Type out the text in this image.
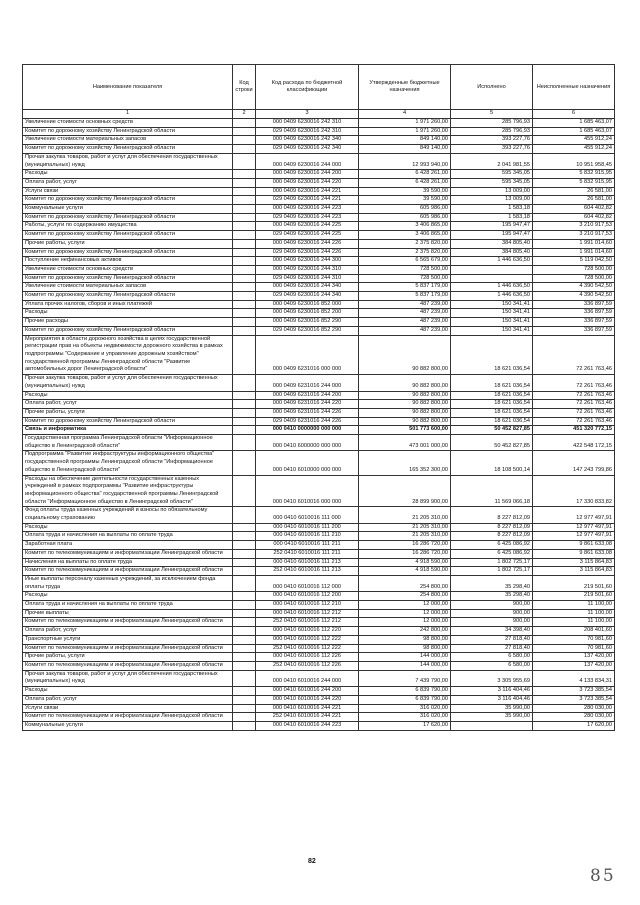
Наименование показателя	Код строки	Код расхода по бюджетной классификации	Утвержденные бюджетные назначения	Исполнено	Неисполненные назначения
1	2	3	4	5	6
Увеличение стоимости основных средств		000 0409 6230016 242 310	1 971 260,00	285 796,93	1 685 463,07
Комитет по дорожному хозяйству Ленинградской области		029 0409 6230016 242 310	1 971 260,00	285 796,93	1 685 463,07
Увеличение стоимости материальных запасов		000 0409 6230016 242 340	849 140,00	393 227,76	455 912,24
Комитет по дорожному хозяйству Ленинградской области		029 0409 6230016 242 340	849 140,00	393 227,76	455 912,24
Прочая закупка товаров, работ и услуг для обеспечения государственных (муниципальных) нужд		000 0409 6230016 244 000	12 993 940,00	2 041 981,55	10 951 958,45
Расходы		000 0409 6230016 244 200	6 428 261,00	595 345,05	5 832 915,95
Оплата работ, услуг		000 0409 6230016 244 220	6 428 261,00	595 345,05	5 832 915,95
Услуги связи		000 0409 6230016 244 221	39 590,00	13 009,00	26 581,00
Комитет по дорожному хозяйству Ленинградской области		029 0409 6230016 244 221	39 590,00	13 009,00	26 581,00
Коммунальные услуги		000 0409 6230016 244 223	605 986,00	1 583,18	604 402,82
Комитет по дорожному хозяйству Ленинградской области		029 0409 6230016 244 223	605 986,00	1 583,18	604 402,82
Работы, услуги по содержанию имущества		000 0409 6230016 244 225	3 406 865,00	195 947,47	3 210 917,53
Комитет по дорожному хозяйству Ленинградской области		029 0409 6230016 244 225	3 406 865,00	195 947,47	3 210 917,53
Прочие работы, услуги		000 0409 6230016 244 226	2 375 820,00	384 805,40	1 991 014,60
Комитет по дорожному хозяйству Ленинградской области		029 0409 6230016 244 226	2 375 820,00	384 805,40	1 991 014,60
Поступление нефинансовых активов		000 0409 6230016 244 300	6 565 679,00	1 446 636,50	5 119 042,50
Увеличение стоимости основных средств		000 0409 6230016 244 310	728 500,00		728 500,00
Комитет по дорожному хозяйству Ленинградской области		029 0409 6230016 244 310	728 500,00		728 500,00
Увеличение стоимости материальных запасов		000 0409 6230016 244 340	5 837 179,00	1 446 636,50	4 390 542,50
Комитет по дорожному хозяйству Ленинградской области		029 0409 6230016 244 340	5 837 179,00	1 446 636,50	4 390 542,50
Уплата прочих налогов, сборов и иных платежей		000 0409 6230016 852 000	487 239,00	150 341,41	336 897,59
Расходы		000 0409 6230016 852 200	487 239,00	150 341,41	336 897,59
Прочие расходы		000 0409 6230016 852 290	487 239,00	150 341,41	336 897,59
Комитет по дорожному хозяйству Ленинградской области		029 0409 6230016 852 290	487 239,00	150 341,41	336 897,59
Мероприятия в области дорожного хозяйства в целях государственной регистрации прав на объекты недвижимости дорожного хозяйства в рамках подпрограммы "Содержание и управление дорожным хозяйством" государственной программы Ленинградской области "Развитие автомобильных дорог Ленинградской области"		000 0409 6231016 000 000	90 882 800,00	18 621 036,54	72 261 763,46
Прочая закупка товаров, работ и услуг для обеспечения государственных (муниципальных) нужд		000 0409 6231016 244 000	90 882 800,00	18 621 036,54	72 261 763,46
Расходы		000 0409 6231016 244 200	90 882 800,00	18 621 036,54	72 261 763,46
Оплата работ, услуг		000 0409 6231016 244 220	90 882 800,00	18 621 036,54	72 261 763,46
Прочие работы, услуги		000 0409 6231016 244 226	90 882 800,00	18 621 036,54	72 261 763,46
Комитет по дорожному хозяйству Ленинградской области		029 0409 6231016 244 226	90 882 800,00	18 621 036,54	72 261 763,46
Связь и информатика		000 0410 0000000 000 000	501 773 600,00	50 452 827,85	451 320 772,15
Государственная программа Ленинградской области "Информационное общество в Ленинградской области"		000 0410 6000000 000 000	473 001 000,00	50 452 827,85	422 548 172,15
Подпрограмма "Развитие инфраструктуры информационного общества" государственной программы Ленинградской области "Информационное общество в Ленинградской области"		000 0410 6010000 000 000	165 352 300,00	18 108 500,14	147 243 799,86
Расходы на обеспечение деятельности государственных казенных учреждений в рамках подпрограммы "Развитие инфраструктуры информационного общества" государственной программы Ленинградской области "Информационное общество в Ленинградской области"		000 0410 6010016 000 000	28 899 900,00	11 569 066,18	17 330 833,82
Фонд оплаты труда казенных учреждений и взносы по обязательному социальному страхованию		000 0410 6010016 111 000	21 205 310,00	8 227 812,09	12 977 497,91
Расходы		000 0410 6010016 111 200	21 205 310,00	8 227 812,09	12 977 497,91
Оплата труда и начисления на выплаты по оплате труда		000 0410 6010016 111 210	21 205 310,00	8 227 812,09	12 977 497,91
Заработная плата		000 0410 6010016 111 211	16 286 720,00	6 425 086,92	9 861 633,08
Комитет по телекоммуникациям и информатизации Ленинградской области		252 0410 6010016 111 211	16 286 720,00	6 425 086,92	9 861 633,08
Начисления на выплаты по оплате труда		000 0410 6010016 111 213	4 918 590,00	1 802 725,17	3 115 864,83
Комитет по телекоммуникациям и информатизации Ленинградской области		252 0410 6010016 111 213	4 918 590,00	1 802 725,17	3 115 864,83
Иные выплаты персоналу казенных учреждений, за исключением фонда оплаты труда		000 0410 6010016 112 000	254 800,00	35 298,40	219 501,60
Расходы		000 0410 6010016 112 200	254 800,00	35 298,40	219 501,60
Оплата труда и начисления на выплаты по оплате труда		000 0410 6010016 112 210	12 000,00	900,00	11 100,00
Прочие выплаты		000 0410 6010016 112 212	12 000,00	900,00	11 100,00
Комитет по телекоммуникациям и информатизации Ленинградской области		252 0410 6010016 112 212	12 000,00	900,00	11 100,00
Оплата работ, услуг		000 0410 6010016 112 220	242 800,00	34 398,40	208 401,60
Транспортные услуги		000 0410 6010016 112 222	98 800,00	27 818,40	70 981,60
Комитет по телекоммуникациям и информатизации Ленинградской области		252 0410 6010016 112 222	98 800,00	27 818,40	70 981,60
Прочие работы, услуги		000 0410 6010016 112 226	144 000,00	6 580,00	137 420,00
Комитет по телекоммуникациям и информатизации Ленинградской области		252 0410 6010016 112 226	144 000,00	6 580,00	137 420,00
Прочая закупка товаров, работ и услуг для обеспечения государственных (муниципальных) нужд		000 0410 6010016 244 000	7 439 790,00	3 305 955,69	4 133 834,31
Расходы		000 0410 6010016 244 200	6 839 790,00	3 116 404,46	3 723 385,54
Оплата работ, услуг		000 0410 6010016 244 220	6 839 790,00	3 116 404,46	3 723 385,54
Услуги связи		000 0410 6010016 244 221	316 020,00	35 990,00	280 030,00
Комитет по телекоммуникациям и информатизации Ленинградской области		252 0410 6010016 244 221	316 020,00	35 990,00	280 030,00
Коммунальные услуги		000 0410 6010016 244 223	17 620,00		17 620,00
82
85
